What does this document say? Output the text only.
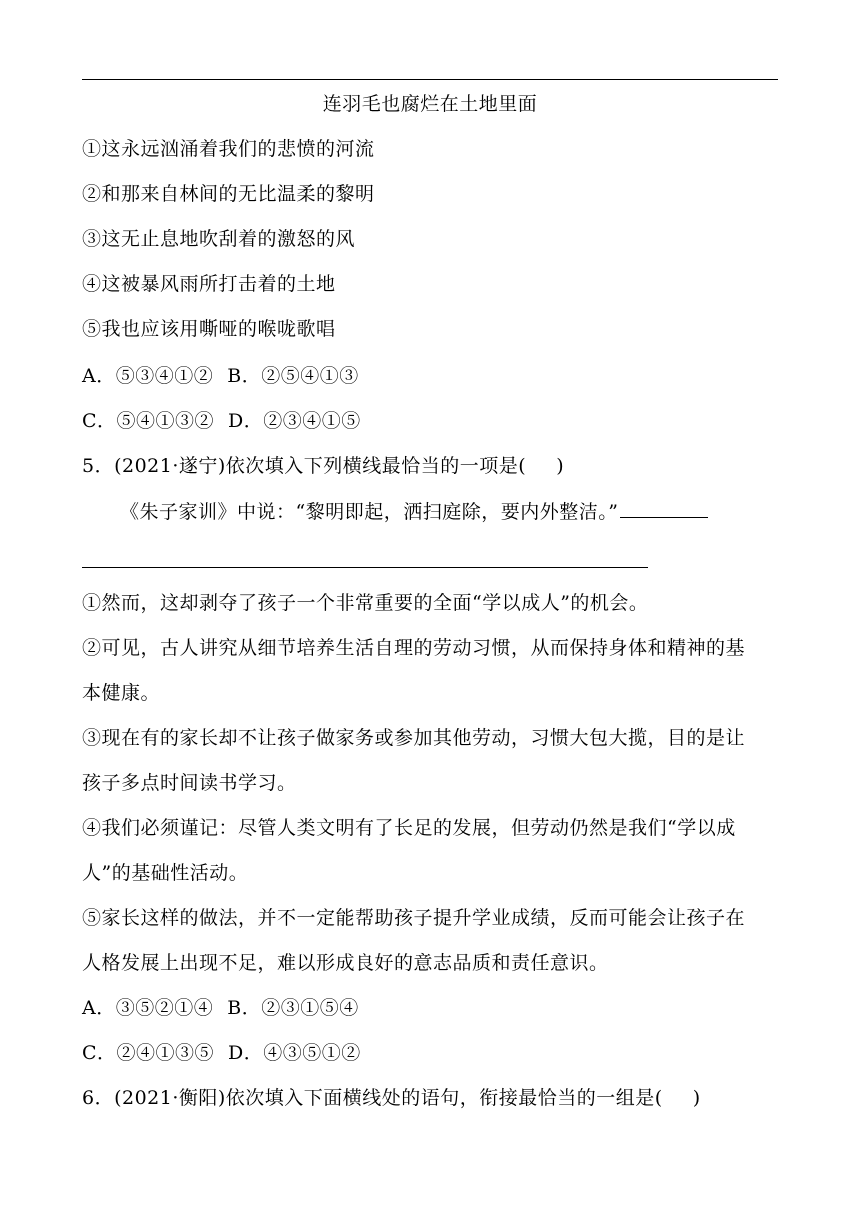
连羽毛也腐烂在土地里面
①这永远汹涌着我们的悲愤的河流
②和那来自林间的无比温柔的黎明
③这无止息地吹刮着的激怒的风
④这被暴风雨所打击着的土地
⑤我也应该用嘶哑的喉咙歌唱
A．⑤③④①② B．②⑤④①③
C．⑤④①③② D．②③④①⑤
5．(2021·遂宁)依次填入下列横线最恰当的一项是( )
《朱子家训》中说：“黎明即起，洒扫庭除，要内外整洁。”
①然而，这却剥夺了孩子一个非常重要的全面“学以成人”的机会。
②可见，古人讲究从细节培养生活自理的劳动习惯，从而保持身体和精神的基
本健康。
③现在有的家长却不让孩子做家务或参加其他劳动，习惯大包大揽，目的是让
孩子多点时间读书学习。
④我们必须谨记：尽管人类文明有了长足的发展，但劳动仍然是我们“学以成
人”的基础性活动。
⑤家长这样的做法，并不一定能帮助孩子提升学业成绩，反而可能会让孩子在
人格发展上出现不足，难以形成良好的意志品质和责任意识。
A．③⑤②①④ B．②③①⑤④
C．②④①③⑤ D．④③⑤①②
6．(2021·衡阳)依次填入下面横线处的语句，衔接最恰当的一组是( )
